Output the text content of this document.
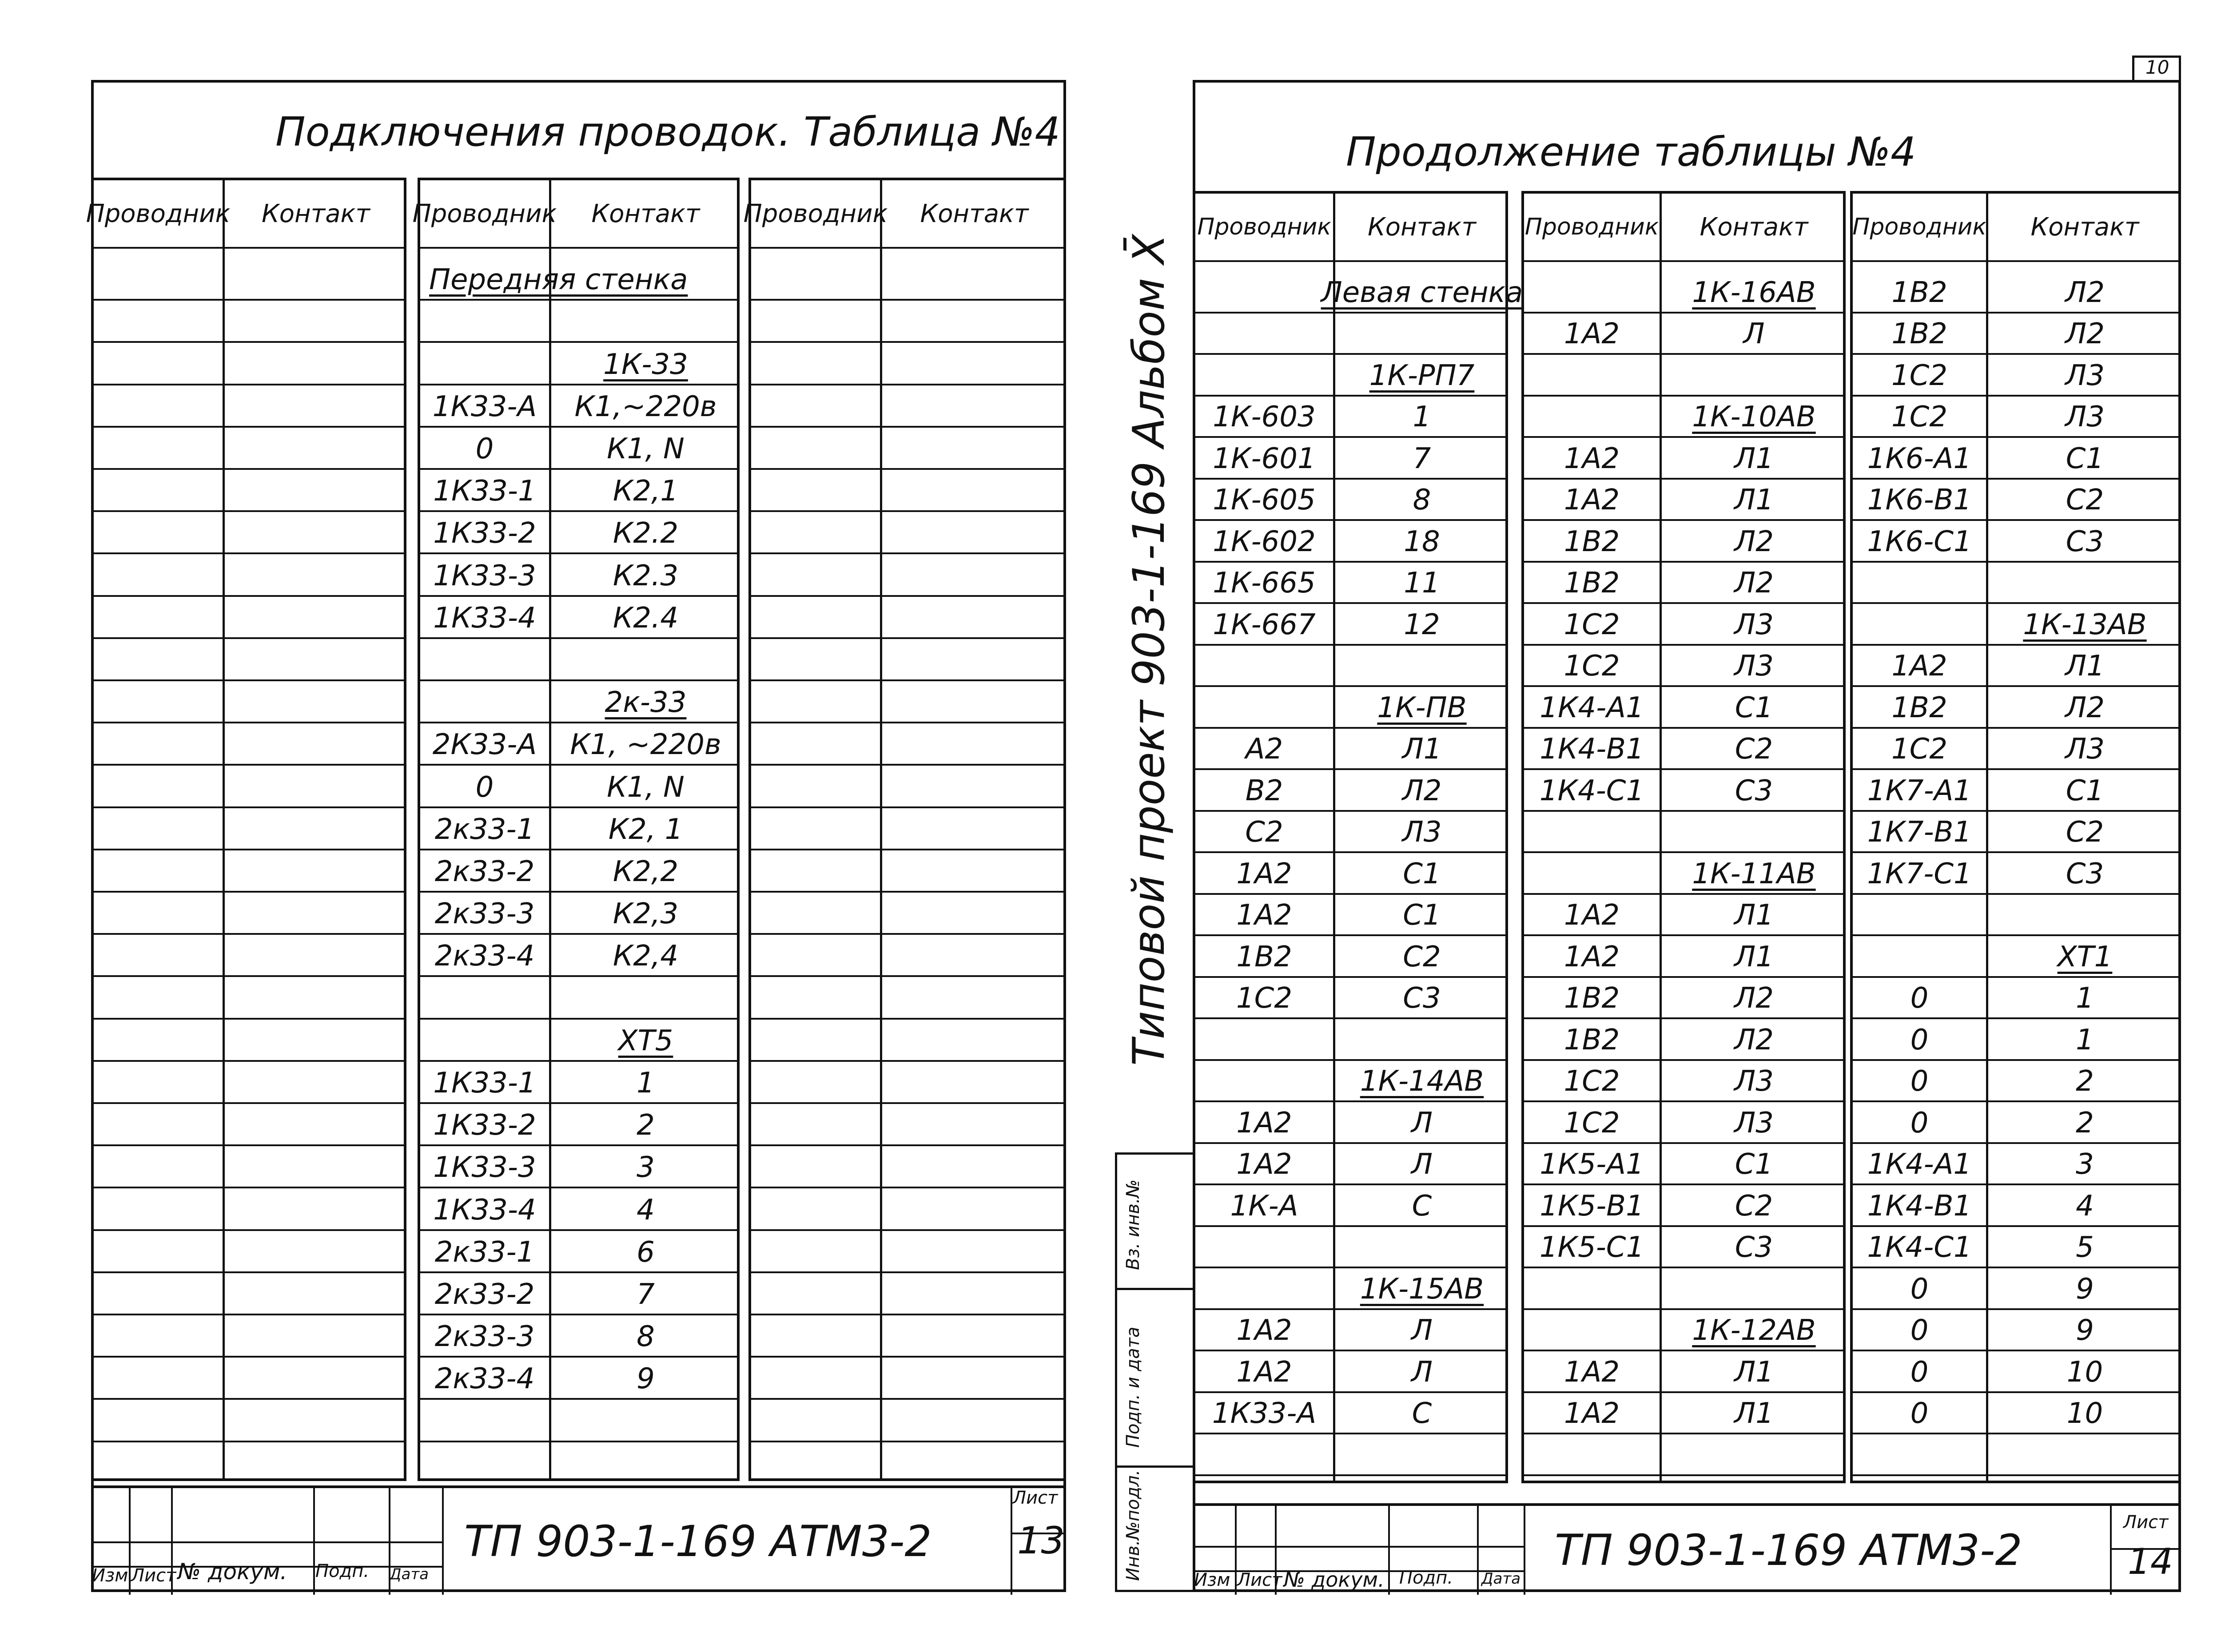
Подключения проводок. Таблица №4
Проводник	Контакт	Проводник	Контакт
Передняя стенка
1К-33
1К33-А	К1,~220в
0	К1, N
1К33-1	К2,1
1К33-2	К2.2
1К33-3	К2.3
1К33-4	К2.4
2к-33
2К33-А	К1, ~220в
0	К1, N
2к33-1	К2, 1
2к33-2	К2,2
2к33-3	К2,3
2к33-4	К2,4
ХТ5
1К33-1	1
1К33-2	2
1К33-3	3
1К33-4	4
2к33-1	6
2к33-2	7
2к33-3	8
2к33-4	9
Проводник	Контакт
Изм Лист № докум. Подп. Дата
ТП 903-1-169 АТМ3-2
Лист
13
10
Продолжение таблицы №4
Типовой проект 903-1-169 Альбом X̄
Проводник	Контакт
Левая стенка
1К-РП7
1К-603	1
1К-601	7
1К-605	8
1К-602	18
1К-665	11
1К-667	12
1К-ПВ
А2	Л1
В2	Л2
С2	Л3
1А2	С1
1А2	С1
1В2	С2
1С2	С3
1К-14АВ
1А2	Л
1А2	Л
1К-А	С
1К-15АВ
1А2	Л
1А2	Л
1К33-А	С
Проводник	Контакт
1К-16АВ
1А2	Л
1К-10АВ
1А2	Л1
1А2	Л1
1В2	Л2
1В2	Л2
1С2	Л3
1С2	Л3
1К4-А1	С1
1К4-В1	С2
1К4-С1	С3
1К-11АВ
1А2	Л1
1А2	Л1
1В2	Л2
1В2	Л2
1С2	Л3
1С2	Л3
1К5-А1	С1
1К5-В1	С2
1К5-С1	С3
1К-12АВ
1А2	Л1
1А2	Л1
Проводник	Контакт
1В2	Л2
1В2	Л2
1С2	Л3
1С2	Л3
1К6-А1	С1
1К6-В1	С2
1К6-С1	С3
1К-13АВ
1А2	Л1
1В2	Л2
1С2	Л3
1К7-А1	С1
1К7-В1	С2
1К7-С1	С3
ХТ1
0	1
0	1
0	2
0	2
1К4-А1	3
1К4-В1	4
1К4-С1	5
0	9
0	9
0	10
0	10
Инв.№подл.
Подп. и дата
Вз. инв.№
Изм Лист № докум. Подп. Дата
ТП 903-1-169 АТМ3-2
Лист
14
